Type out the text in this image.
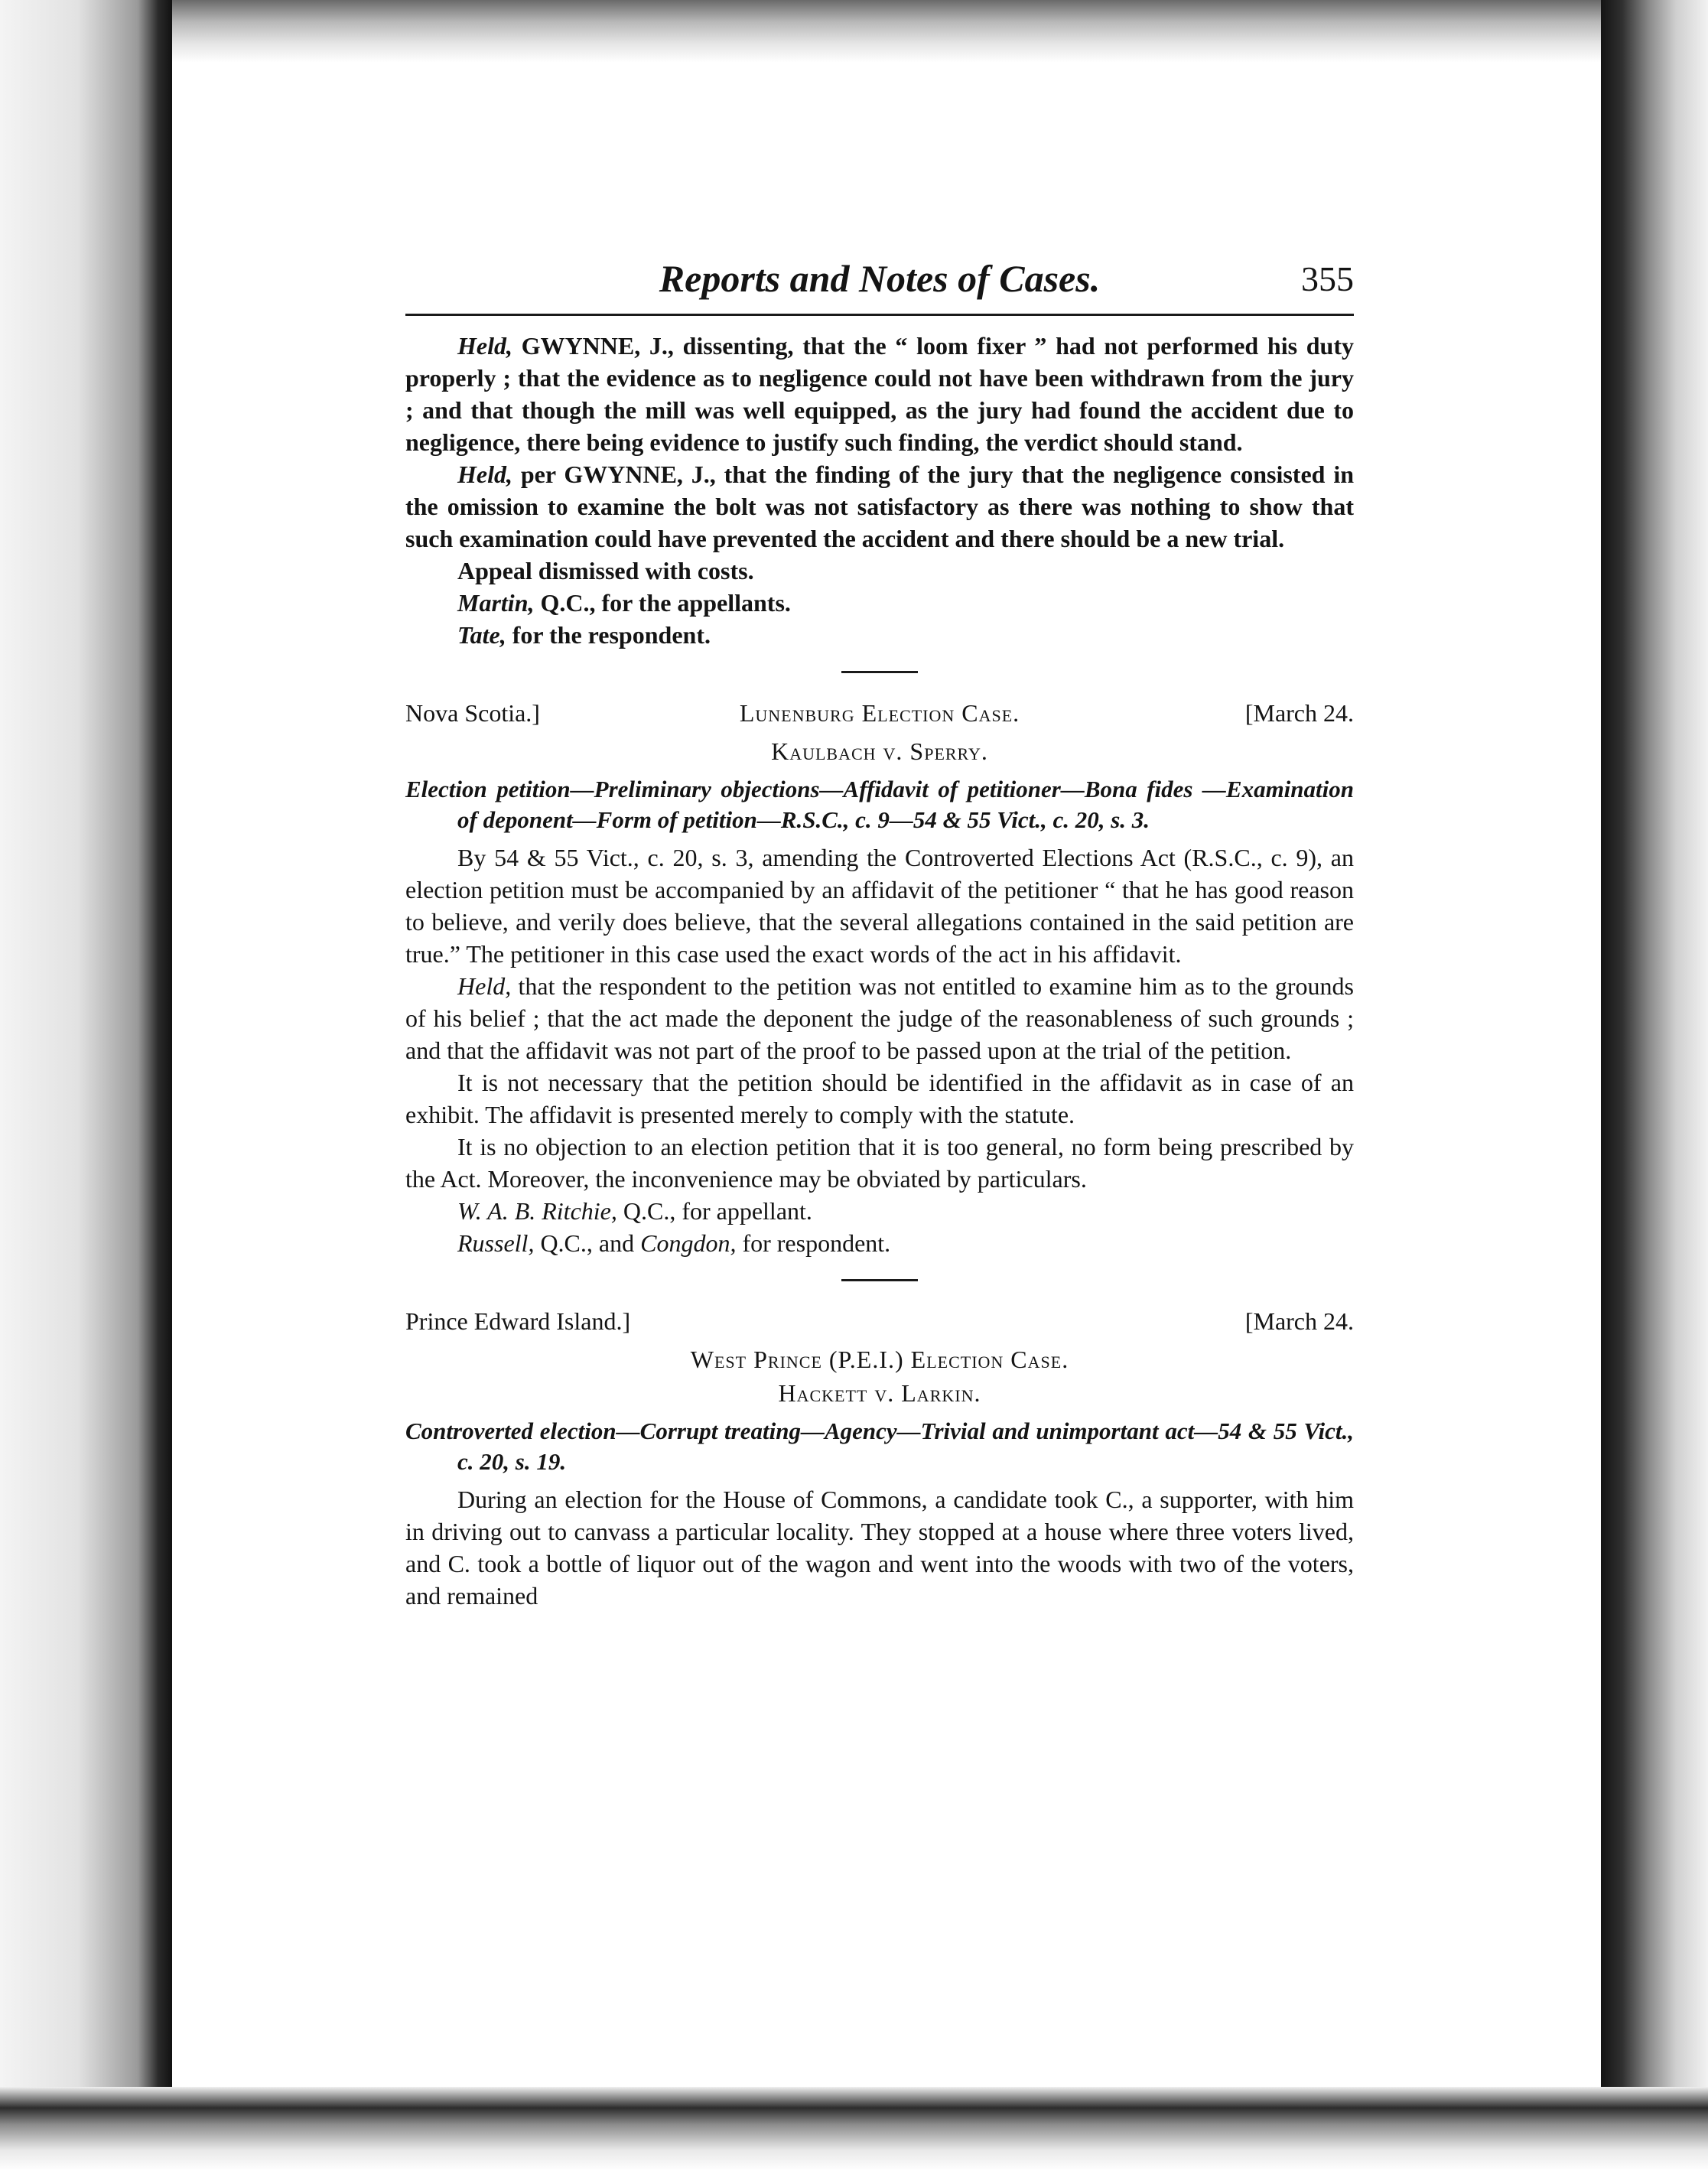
Reports and Notes of Cases.	355

Held, GWYNNE, J., dissenting, that the “ loom fixer ” had not performed his duty properly ; that the evidence as to negligence could not have been withdrawn from the jury ; and that though the mill was well equipped, as the jury had found the accident due to negligence, there being evidence to justify such finding, the verdict should stand.

Held, per GWYNNE, J., that the finding of the jury that the negligence consisted in the omission to examine the bolt was not satisfactory as there was nothing to show that such examination could have prevented the accident and there should be a new trial.

Appeal dismissed with costs.

Martin, Q.C., for the appellants.

Tate, for the respondent.

Nova Scotia.]	Lunenburg Election Case.	[March 24.
Kaulbach v. Sperry.
Election petition—Preliminary objections—Affidavit of petitioner—Bona fides —Examination of deponent—Form of petition—R.S.C., c. 9—54 & 55 Vict., c. 20, s. 3.

By 54 & 55 Vict., c. 20, s. 3, amending the Controverted Elections Act (R.S.C., c. 9), an election petition must be accompanied by an affidavit of the petitioner “ that he has good reason to believe, and verily does believe, that the several allegations contained in the said petition are true.” The petitioner in this case used the exact words of the act in his affidavit.

Held, that the respondent to the petition was not entitled to examine him as to the grounds of his belief ; that the act made the deponent the judge of the reasonableness of such grounds ; and that the affidavit was not part of the proof to be passed upon at the trial of the petition.

It is not necessary that the petition should be identified in the affidavit as in case of an exhibit. The affidavit is presented merely to comply with the statute.

It is no objection to an election petition that it is too general, no form being prescribed by the Act. Moreover, the inconvenience may be obviated by particulars.

W. A. B. Ritchie, Q.C., for appellant.

Russell, Q.C., and Congdon, for respondent.

Prince Edward Island.]	[March 24.
West Prince (P.E.I.) Election Case.
Hackett v. Larkin.
Controverted election—Corrupt treating—Agency—Trivial and unimportant act—54 & 55 Vict., c. 20, s. 19.

During an election for the House of Commons, a candidate took C., a supporter, with him in driving out to canvass a particular locality. They stopped at a house where three voters lived, and C. took a bottle of liquor out of the wagon and went into the woods with two of the voters, and remained
